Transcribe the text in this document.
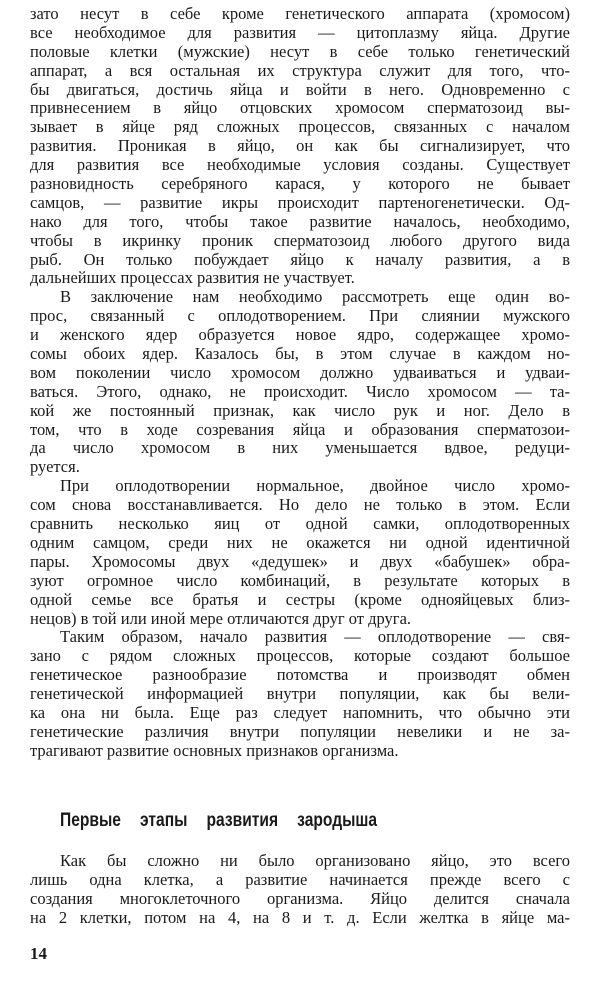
зато несут в себе кроме генетического аппарата (хромосом)
все необходимое для развития — цитоплазму яйца. Другие
половые клетки (мужские) несут в себе только генетический
аппарат, а вся остальная их структура служит для того, что-
бы двигаться, достичь яйца и войти в него. Одновременно с
привнесением в яйцо отцовских хромосом сперматозоид вы-
зывает в яйце ряд сложных процессов, связанных с началом
развития. Проникая в яйцо, он как бы сигнализирует, что
для развития все необходимые условия созданы. Существует
разновидность серебряного карася, у которого не бывает
самцов, — развитие икры происходит партеногенетически. Од-
нако для того, чтобы такое развитие началось, необходимо,
чтобы в икринку проник сперматозоид любого другого вида
рыб. Он только побуждает яйцо к началу развития, а в
дальнейших процессах развития не участвует.
В заключение нам необходимо рассмотреть еще один во-
прос, связанный с оплодотворением. При слиянии мужского
и женского ядер образуется новое ядро, содержащее хромо-
сомы обоих ядер. Казалось бы, в этом случае в каждом но-
вом поколении число хромосом должно удваиваться и удваи-
ваться. Этого, однако, не происходит. Число хромосом — та-
кой же постоянный признак, как число рук и ног. Дело в
том, что в ходе созревания яйца и образования сперматозои-
да число хромосом в них уменьшается вдвое, редуци-
руется.
При оплодотворении нормальное, двойное число хромо-
сом снова восстанавливается. Но дело не только в этом. Если
сравнить несколько яиц от одной самки, оплодотворенных
одним самцом, среди них не окажется ни одной идентичной
пары. Хромосомы двух «дедушек» и двух «бабушек» обра-
зуют огромное число комбинаций, в результате которых в
одной семье все братья и сестры (кроме однояйцевых близ-
нецов) в той или иной мере отличаются друг от друга.
Таким образом, начало развития — оплодотворение — свя-
зано с рядом сложных процессов, которые создают большое
генетическое разнообразие потомства и производят обмен
генетической информацией внутри популяции, как бы вели-
ка она ни была. Еще раз следует напомнить, что обычно эти
генетические различия внутри популяции невелики и не за-
трагивают развитие основных признаков организма.
Первые этапы развития зародыша
Как бы сложно ни было организовано яйцо, это всего
лишь одна клетка, а развитие начинается прежде всего с
создания многоклеточного организма. Яйцо делится сначала
на 2 клетки, потом на 4, на 8 и т. д. Если желтка в яйце ма-
14
